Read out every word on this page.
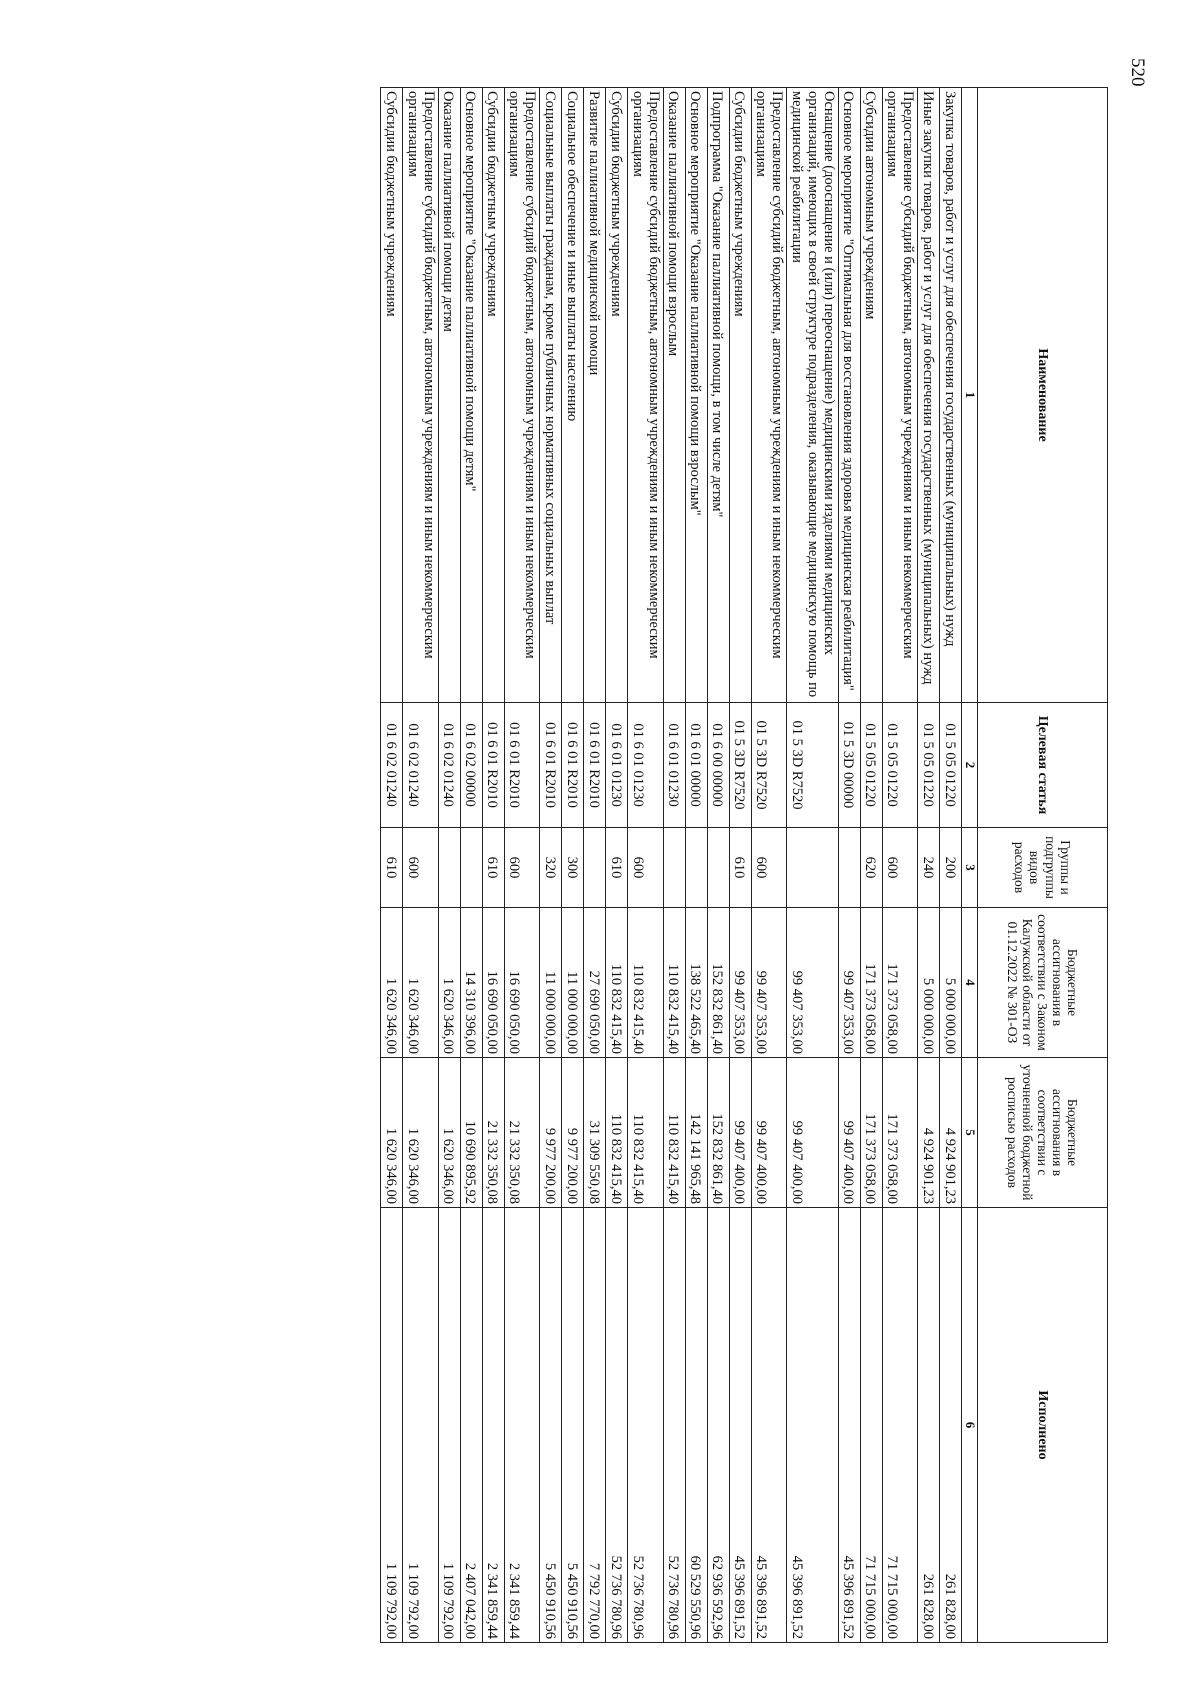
520
Наименование	Целевая статья	Группы и подгруппы видов расходов	Бюджетные ассигнования в соответствии с Законом Калужской области от 01.12.2022 № 301-ОЗ	Бюджетные ассигнования в соответствии с уточненной бюджетной росписью расходов	Исполнено
1	2	3	4	5	6
Закупка товаров, работ и услуг для обеспечения государственных (муниципальных) нужд	01 5 05 01220	200	5 000 000,00	4 924 901,23	261 828,00
Иные закупки товаров, работ и услуг для обеспечения государственных (муниципальных) нужд	01 5 05 01220	240	5 000 000,00	4 924 901,23	261 828,00
Предоставление субсидий бюджетным, автономным учреждениям и иным некоммерческим организациям	01 5 05 01220	600	171 373 058,00	171 373 058,00	71 715 000,00
Субсидии автономным учреждениям	01 5 05 01220	620	171 373 058,00	171 373 058,00	71 715 000,00
Основное мероприятие "Оптимальная для восстановления здоровья медицинская реабилитация"	01 5 3D 00000		99 407 353,00	99 407 400,00	45 396 891,52
Оснащение (дооснащение и (или) переоснащение) медицинскими изделиями медицинских организаций, имеющих в своей структуре подразделения, оказывающие медицинскую помощь по медицинской реабилитации	01 5 3D R7520		99 407 353,00	99 407 400,00	45 396 891,52
Предоставление субсидий бюджетным, автономным учреждениям и иным некоммерческим организациям	01 5 3D R7520	600	99 407 353,00	99 407 400,00	45 396 891,52
Субсидии бюджетным учреждениям	01 5 3D R7520	610	99 407 353,00	99 407 400,00	45 396 891,52
Подпрограмма "Оказание паллиативной помощи, в том числе детям"	01 6 00 00000		152 832 861,40	152 832 861,40	62 936 592,96
Основное мероприятие "Оказание паллиативной помощи взрослым"	01 6 01 00000		138 522 465,40	142 141 965,48	60 529 550,96
Оказание паллиативной помощи взрослым	01 6 01 01230		110 832 415,40	110 832 415,40	52 736 780,96
Предоставление субсидий бюджетным, автономным учреждениям и иным некоммерческим организациям	01 6 01 01230	600	110 832 415,40	110 832 415,40	52 736 780,96
Субсидии бюджетным учреждениям	01 6 01 01230	610	110 832 415,40	110 832 415,40	52 736 780,96
Развитие паллиативной медицинской помощи	01 6 01 R2010		27 690 050,00	31 309 550,08	7 792 770,00
Социальное обеспечение и иные выплаты населению	01 6 01 R2010	300	11 000 000,00	9 977 200,00	5 450 910,56
Социальные выплаты гражданам, кроме публичных нормативных социальных выплат	01 6 01 R2010	320	11 000 000,00	9 977 200,00	5 450 910,56
Предоставление субсидий бюджетным, автономным учреждениям и иным некоммерческим организациям	01 6 01 R2010	600	16 690 050,00	21 332 350,08	2 341 859,44
Субсидии бюджетным учреждениям	01 6 01 R2010	610	16 690 050,00	21 332 350,08	2 341 859,44
Основное мероприятие "Оказание паллиативной помощи детям"	01 6 02 00000		14 310 396,00	10 690 895,92	2 407 042,00
Оказание паллиативной помощи детям	01 6 02 01240		1 620 346,00	1 620 346,00	1 109 792,00
Предоставление субсидий бюджетным, автономным учреждениям и иным некоммерческим организациям	01 6 02 01240	600	1 620 346,00	1 620 346,00	1 109 792,00
Субсидии бюджетным учреждениям	01 6 02 01240	610	1 620 346,00	1 620 346,00	1 109 792,00
